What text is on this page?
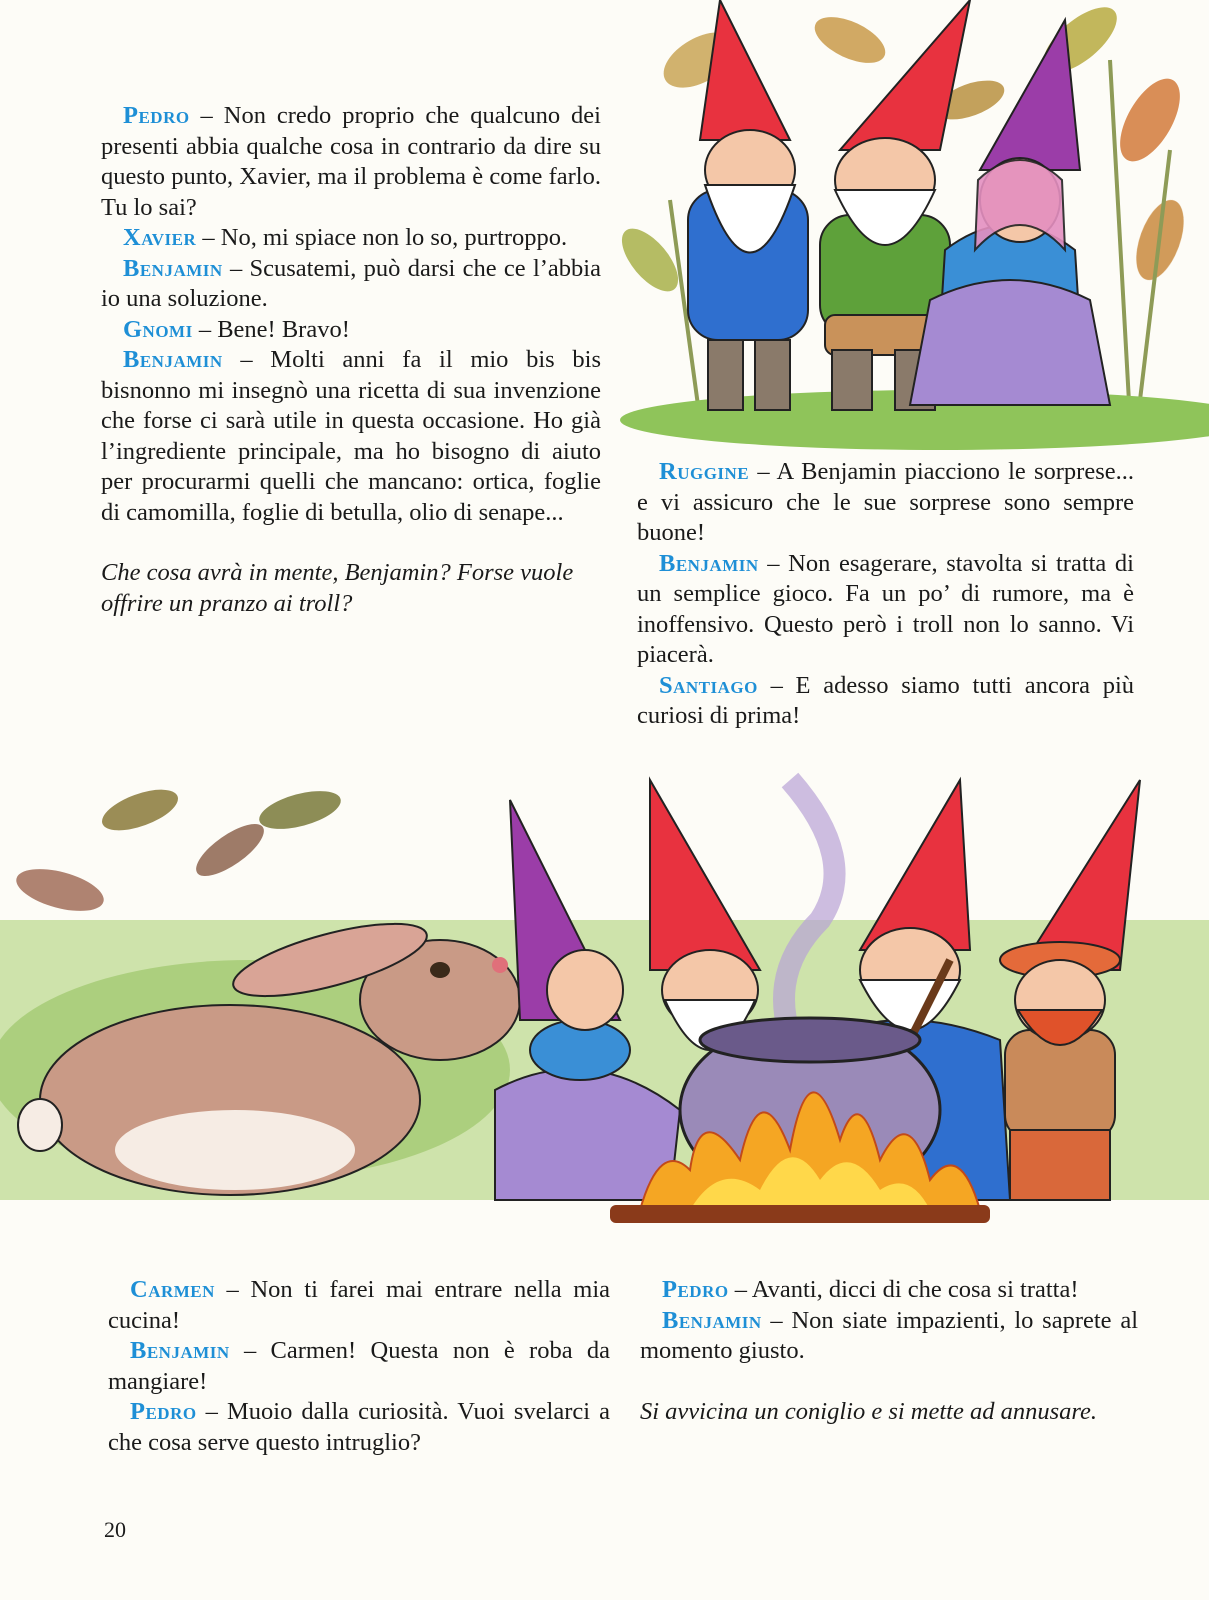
Pedro – Non credo proprio che qualcuno dei presenti abbia qualche cosa in contrario da dire su questo punto, Xavier, ma il problema è come farlo. Tu lo sai?

Xavier – No, mi spiace non lo so, purtroppo.

Benjamin – Scusatemi, può darsi che ce l’abbia io una soluzione.

Gnomi – Bene! Bravo!

Benjamin – Molti anni fa il mio bis bis bisnonno mi insegnò una ricetta di sua invenzione che forse ci sarà utile in questa occasione. Ho già l’ingrediente principale, ma ho bisogno di aiuto per procurarmi quelli che mancano: ortica, foglie di camomilla, foglie di betulla, olio di senape...

Che cosa avrà in mente, Benjamin? Forse vuole offrire un pranzo ai troll?

Ruggine – A Benjamin piacciono le sorprese... e vi assicuro che le sue sorprese sono sempre buone!

Benjamin – Non esagerare, stavolta si tratta di un semplice gioco. Fa un po’ di rumore, ma è inoffensivo. Questo però i troll non lo sanno. Vi piacerà.

Santiago – E adesso siamo tutti ancora più curiosi di prima!

Carmen – Non ti farei mai entrare nella mia cucina!

Benjamin – Carmen! Questa non è roba da mangiare!

Pedro – Muoio dalla curiosità. Vuoi svelarci a che cosa serve questo intruglio?

Pedro – Avanti, dicci di che cosa si tratta!

Benjamin – Non siate impazienti, lo saprete al momento giusto.

Si avvicina un coniglio e si mette ad annusare.

20
